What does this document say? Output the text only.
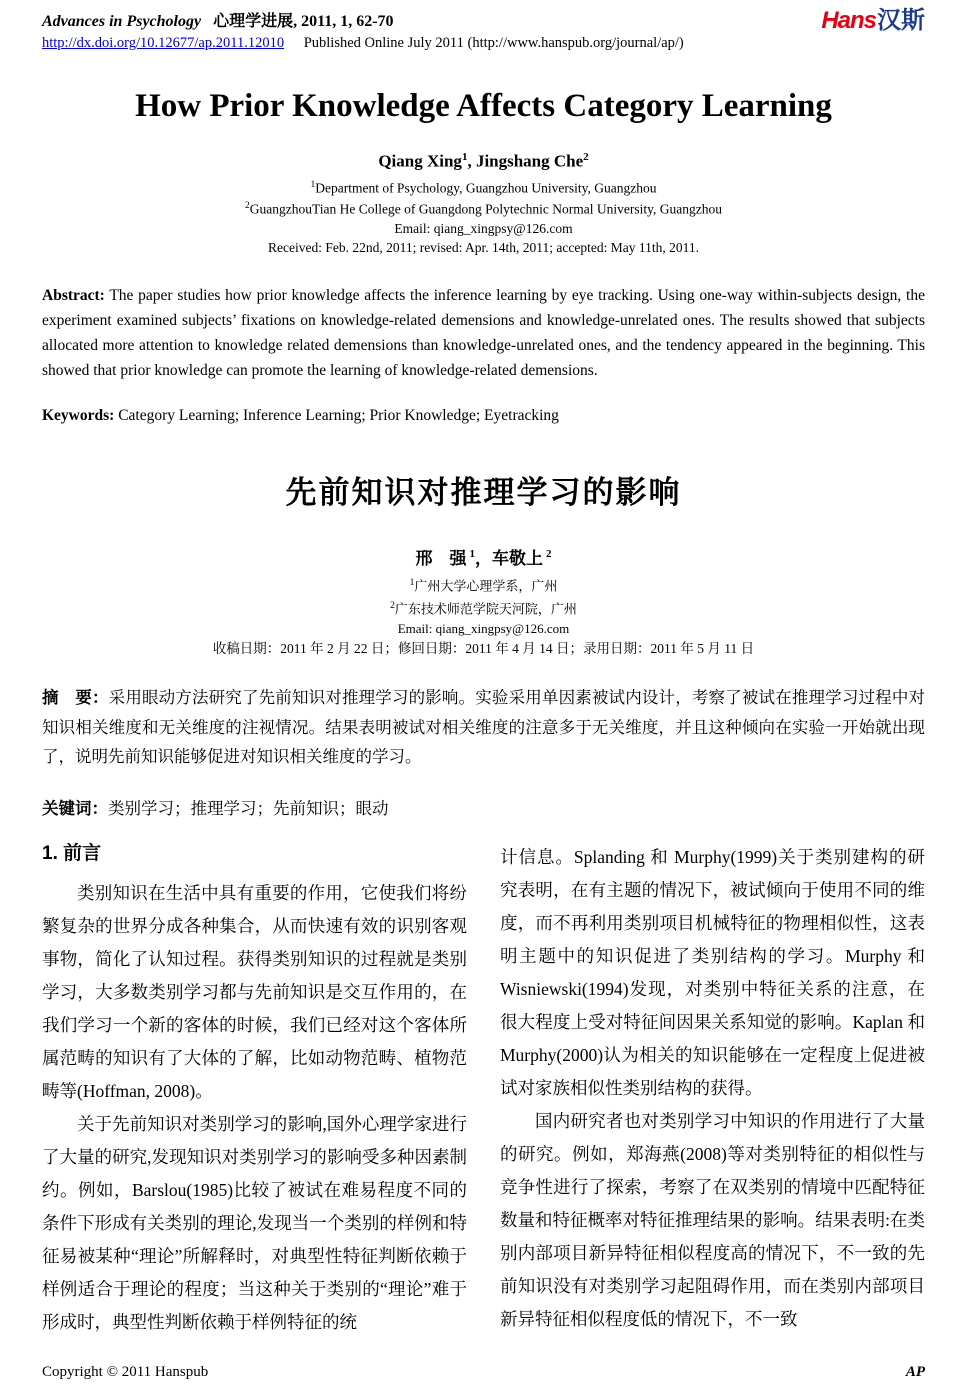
Advances in Psychology 心理学进展, 2011, 1, 62-70
http://dx.doi.org/10.12677/ap.2011.12010 Published Online July 2011 (http://www.hanspub.org/journal/ap/)
Hans汉斯
How Prior Knowledge Affects Category Learning
Qiang Xing$^1$, Jingshang Che$^2$
$^1$Department of Psychology, Guangzhou University, Guangzhou
$^2$GuangzhouTian He College of Guangdong Polytechnic Normal University, Guangzhou
Email: qiang_xingpsy@126.com
Received: Feb. 22nd, 2011; revised: Apr. 14th, 2011; accepted: May 11th, 2011.
Abstract: The paper studies how prior knowledge affects the inference learning by eye tracking. Using one-way within-subjects design, the experiment examined subjects’ fixations on knowledge-related demensions and knowledge-unrelated ones. The results showed that subjects allocated more attention to knowledge related demensions than knowledge-unrelated ones, and the tendency appeared in the beginning. This showed that prior knowledge can promote the learning of knowledge-related demensions.
Keywords: Category Learning; Inference Learning; Prior Knowledge; Eyetracking
先前知识对推理学习的影响
邢　强 $^1$，车敬上 $^2$
$^1$广州大学心理学系，广州
$^2$广东技术师范学院天河院，广州
Email: qiang_xingpsy@126.com
收稿日期：2011 年 2 月 22 日；修回日期：2011 年 4 月 14 日；录用日期：2011 年 5 月 11 日
摘　要：采用眼动方法研究了先前知识对推理学习的影响。实验采用单因素被试内设计，考察了被试在推理学习过程中对知识相关维度和无关维度的注视情况。结果表明被试对相关维度的注意多于无关维度，并且这种倾向在实验一开始就出现了，说明先前知识能够促进对知识相关维度的学习。
关键词：类别学习；推理学习；先前知识；眼动
1. 前言

类别知识在生活中具有重要的作用，它使我们将纷繁复杂的世界分成各种集合，从而快速有效的识别客观事物，简化了认知过程。获得类别知识的过程就是类别学习，大多数类别学习都与先前知识是交互作用的，在我们学习一个新的客体的时候，我们已经对这个客体所属范畴的知识有了大体的了解，比如动物范畴、植物范畴等(Hoffman, 2008)。

关于先前知识对类别学习的影响,国外心理学家进行了大量的研究,发现知识对类别学习的影响受多种因素制约。例如，Barslou(1985)比较了被试在难易程度不同的条件下形成有关类别的理论,发现当一个类别的样例和特征易被某种“理论”所解释时，对典型性特征判断依赖于样例适合于理论的程度；当这种关于类别的“理论”难于形成时，典型性判断依赖于样例特征的统

计信息。Splanding 和 Murphy(1999)关于类别建构的研究表明，在有主题的情况下，被试倾向于使用不同的维度，而不再利用类别项目机械特征的物理相似性，这表明主题中的知识促进了类别结构的学习。Murphy 和 Wisniewski(1994)发现，对类别中特征关系的注意，在很大程度上受对特征间因果关系知觉的影响。Kaplan 和 Murphy(2000)认为相关的知识能够在一定程度上促进被试对家族相似性类别结构的获得。

国内研究者也对类别学习中知识的作用进行了大量的研究。例如，郑海燕(2008)等对类别特征的相似性与竞争性进行了探索，考察了在双类别的情境中匹配特征数量和特征概率对特征推理结果的影响。结果表明:在类别内部项目新异特征相似程度高的情况下，不一致的先前知识没有对类别学习起阻碍作用，而在类别内部项目新异特征相似程度低的情况下，不一致

Copyright © 2011 Hanspub	AP
